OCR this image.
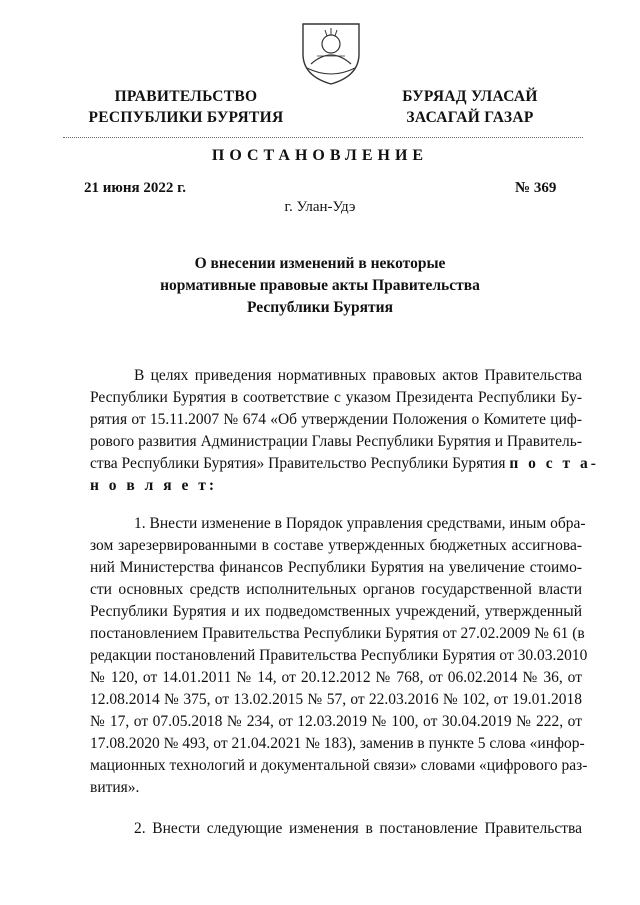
ПРАВИТЕЛЬСТВО
РЕСПУБЛИКИ БУРЯТИЯ
БУРЯАД УЛАСАЙ
ЗАСАГАЙ ГАЗАР
ПОСТАНОВЛЕНИЕ
21 июня 2022 г.	№ 369
г. Улан-Удэ
О внесении изменений в некоторые
нормативные правовые акты Правительства
Республики Бурятия
В целях приведения нормативных правовых актов Правительства
Республики Бурятия в соответствие с указом Президента Республики Бу-
рятия от 15.11.2007 № 674 «Об утверждении Положения о Комитете циф-
рового развития Администрации Главы Республики Бурятия и Правитель-
ства Республики Бурятия» Правительство Республики Бурятия п о с т а-
н о в л я е т:
1. Внести изменение в Порядок управления средствами, иным обра-
зом зарезервированными в составе утвержденных бюджетных ассигнова-
ний Министерства финансов Республики Бурятия на увеличение стоимо-
сти основных средств исполнительных органов государственной власти
Республики Бурятия и их подведомственных учреждений, утвержденный
постановлением Правительства Республики Бурятия от 27.02.2009 № 61 (в
редакции постановлений Правительства Республики Бурятия от 30.03.2010
№ 120, от 14.01.2011 № 14, от 20.12.2012 № 768, от 06.02.2014 № 36, от
12.08.2014 № 375, от 13.02.2015 № 57, от 22.03.2016 № 102, от 19.01.2018
№ 17, от 07.05.2018 № 234, от 12.03.2019 № 100, от 30.04.2019 № 222, от
17.08.2020 № 493, от 21.04.2021 № 183), заменив в пункте 5 слова «инфор-
мационных технологий и документальной связи» словами «цифрового раз-
вития».
2. Внести следующие изменения в постановление Правительства
